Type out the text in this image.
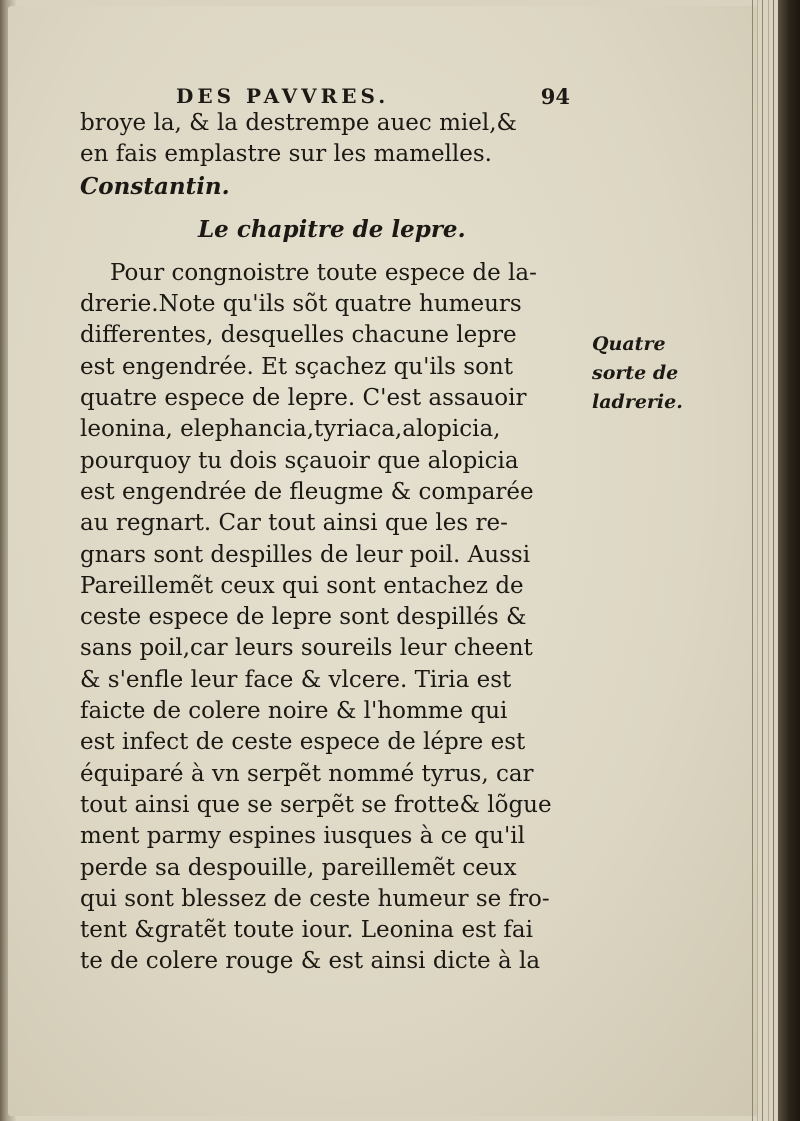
DES PAVVRES.	94
broye la, & la destrempe auec miel,&
en fais emplastre sur les mamelles.
Constantin.
Le chapitre de lepre.
Pour congnoistre toute espece de la-
drerie.Note qu'ils sõt quatre humeurs
differentes, desquelles chacune lepre
est engendrée. Et sçachez qu'ils sont
quatre espece de lepre. C'est assauoir
leonina, elephancia,tyriaca,alopicia,
pourquoy tu dois sçauoir que alopicia
est engendrée de fleugme & comparée
au regnart. Car tout ainsi que les re-
gnars sont despilles de leur poil. Aussi
Pareillemẽt ceux qui sont entachez de
ceste espece de lepre sont despillés &
sans poil,car leurs soureils leur cheent
& s'enfle leur face & vlcere. Tiria est
faicte de colere noire & l'homme qui
est infect de ceste espece de lépre est
équiparé à vn serpẽt nommé tyrus, car
tout ainsi que se serpẽt se frotte& lõgue
ment parmy espines iusques à ce qu'il
perde sa despouille, pareillemẽt ceux
qui sont blessez de ceste humeur se fro-
tent &gratẽt toute iour. Leonina est fai
te de colere rouge & est ainsi dicte à la
Quatre
sorte de
ladrerie.
